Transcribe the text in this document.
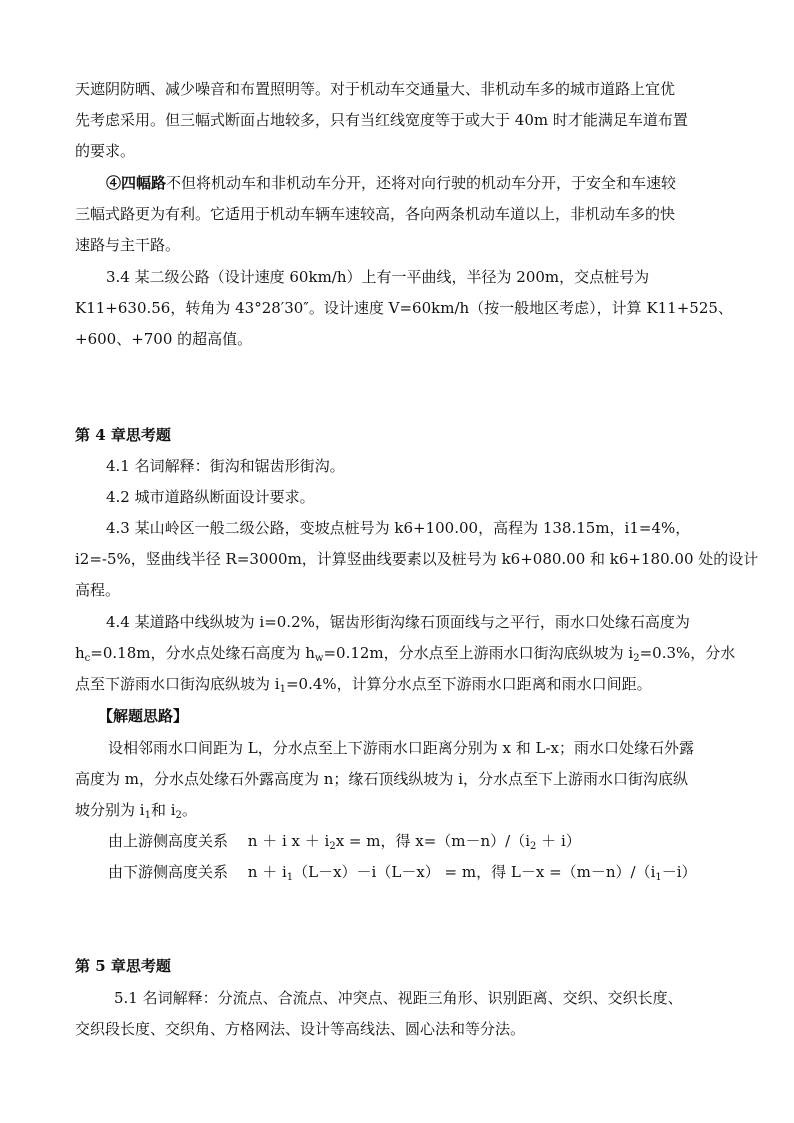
天遮阴防晒、减少噪音和布置照明等。对于机动车交通量大、非机动车多的城市道路上宜优
先考虑采用。但三幅式断面占地较多，只有当红线宽度等于或大于 40m 时才能满足车道布置
的要求。
④四幅路不但将机动车和非机动车分开，还将对向行驶的机动车分开，于安全和车速较
三幅式路更为有利。它适用于机动车辆车速较高，各向两条机动车道以上，非机动车多的快
速路与主干路。
3.4 某二级公路（设计速度 60km/h）上有一平曲线，半径为 200m，交点桩号为
K11+630.56，转角为 43°28′30″。设计速度 V=60km/h（按一般地区考虑），计算 K11+525、
+600、+700 的超高值。
第 4 章思考题
4.1 名词解释：街沟和锯齿形街沟。
4.2 城市道路纵断面设计要求。
4.3 某山岭区一般二级公路，变坡点桩号为 k6+100.00，高程为 138.15m，i1=4%，
i2=-5%，竖曲线半径 R=3000m，计算竖曲线要素以及桩号为 k6+080.00 和 k6+180.00 处的设计
高程。
4.4 某道路中线纵坡为 i=0.2%，锯齿形街沟缘石顶面线与之平行，雨水口处缘石高度为
$h_c=0.18m$，分水点处缘石高度为 $h_w=0.12m$，分水点至上游雨水口街沟底纵坡为 $i_2=0.3\%$，分水
点至下游雨水口街沟底纵坡为 $i_1=0.4\%$，计算分水点至下游雨水口距离和雨水口间距。
【解题思路】
设相邻雨水口间距为 L，分水点至上下游雨水口距离分别为 x 和 L-x；雨水口处缘石外露
高度为 m，分水点处缘石外露高度为 n；缘石顶线纵坡为 i，分水点至下上游雨水口街沟底纵
坡分别为 $i_1$和 $i_2$。
由上游侧高度关系　 n ＋ i $x + i_2x = m$，得 $x=(m-n)/(i_2 + i)$
由下游侧高度关系　 $n + i_1(L-x)-i(L-x) = m$，得 $L-x =(m-n)/(i_1-i)$
第 5 章思考题
5.1 名词解释：分流点、合流点、冲突点、视距三角形、识别距离、交织、交织长度、
交织段长度、交织角、方格网法、设计等高线法、圆心法和等分法。
